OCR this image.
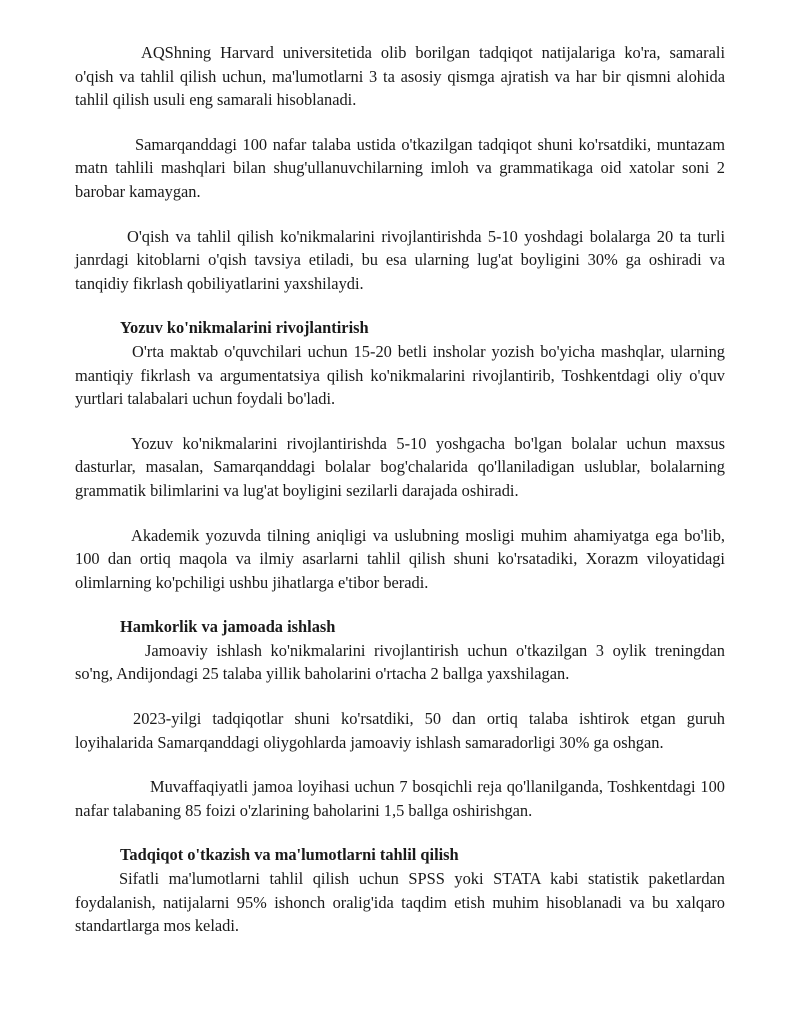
AQShning Harvard universitetida olib borilgan tadqiqot natijalariga ko'ra, samarali o'qish va tahlil qilish uchun, ma'lumotlarni 3 ta asosiy qismga ajratish va har bir qismni alohida tahlil qilish usuli eng samarali hisoblanadi.

Samarqanddagi 100 nafar talaba ustida o'tkazilgan tadqiqot shuni ko'rsatdiki, muntazam matn tahlili mashqlari bilan shug'ullanuvchilarning imloh va grammatikaga oid xatolar soni 2 barobar kamaygan.

O'qish va tahlil qilish ko'nikmalarini rivojlantirishda 5-10 yoshdagi bolalarga 20 ta turli janrdagi kitoblarni o'qish tavsiya etiladi, bu esa ularning lug'at boyligini 30% ga oshiradi va tanqidiy fikrlash qobiliyatlarini yaxshilaydi.

Yozuv ko'nikmalarini rivojlantirish

O'rta maktab o'quvchilari uchun 15-20 betli insholar yozish bo'yicha mashqlar, ularning mantiqiy fikrlash va argumentatsiya qilish ko'nikmalarini rivojlantirib, Toshkentdagi oliy o'quv yurtlari talabalari uchun foydali bo'ladi.

Yozuv ko'nikmalarini rivojlantirishda 5-10 yoshgacha bo'lgan bolalar uchun maxsus dasturlar, masalan, Samarqanddagi bolalar bog'chalarida qo'llaniladigan uslublar, bolalarning grammatik bilimlarini va lug'at boyligini sezilarli darajada oshiradi.

Akademik yozuvda tilning aniqligi va uslubning mosligi muhim ahamiyatga ega bo'lib, 100 dan ortiq maqola va ilmiy asarlarni tahlil qilish shuni ko'rsatadiki, Xorazm viloyatidagi olimlarning ko'pchiligi ushbu jihatlarga e'tibor beradi.

Hamkorlik va jamoada ishlash

Jamoaviy ishlash ko'nikmalarini rivojlantirish uchun o'tkazilgan 3 oylik treningdan so'ng, Andijondagi 25 talaba yillik baholarini o'rtacha 2 ballga yaxshilagan.

2023-yilgi tadqiqotlar shuni ko'rsatdiki, 50 dan ortiq talaba ishtirok etgan guruh loyihalarida Samarqanddagi oliygohlarda jamoaviy ishlash samaradorligi 30% ga oshgan.

Muvaffaqiyatli jamoa loyihasi uchun 7 bosqichli reja qo'llanilganda, Toshkentdagi 100 nafar talabaning 85 foizi o'zlarining baholarini 1,5 ballga oshirishgan.

Tadqiqot o'tkazish va ma'lumotlarni tahlil qilish

Sifatli ma'lumotlarni tahlil qilish uchun SPSS yoki STATA kabi statistik paketlardan foydalanish, natijalarni 95% ishonch oralig'ida taqdim etish muhim hisoblanadi va bu xalqaro standartlarga mos keladi.
